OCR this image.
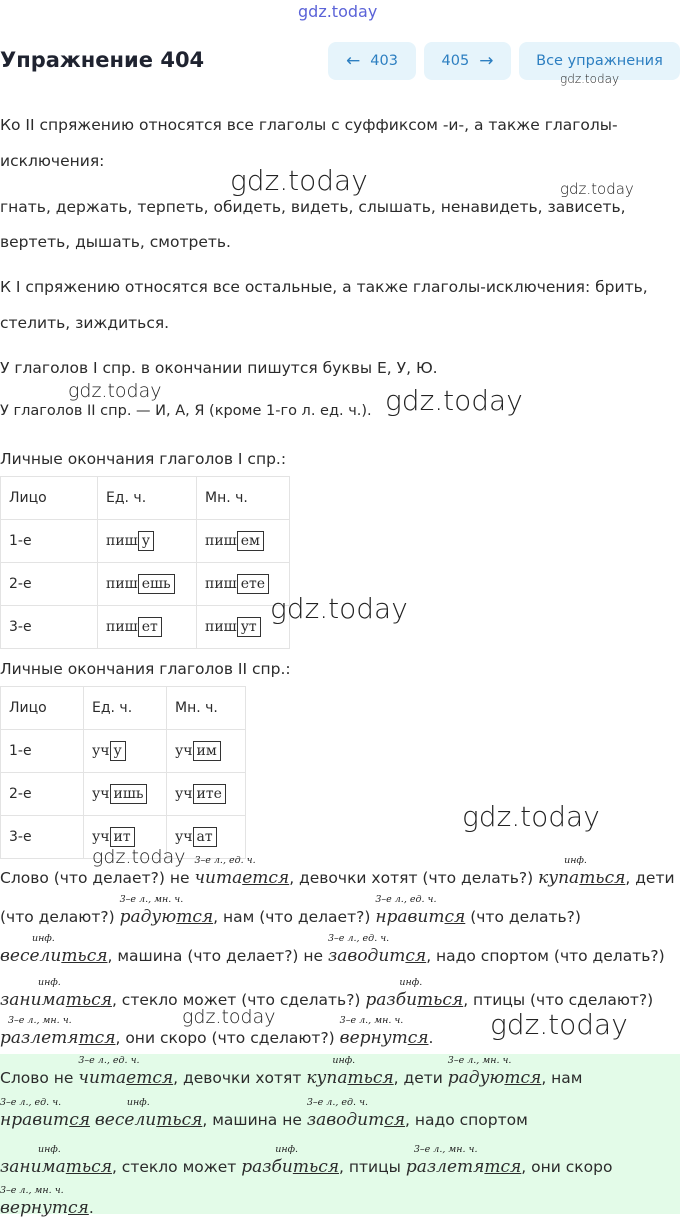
gdz.today
Упражнение 404	← 403	405 →	Все упражнения
Ко II спряжению относятся все глаголы с суффиксом -и-, а также глаголы-
исключения:
гнать, держать, терпеть, обидеть, видеть, слышать, ненавидеть, зависеть,
вертеть, дышать, смотреть.
К I спряжению относятся все остальные, а также глаголы-исключения: брить,
стелить, зиждиться.
У глаголов I спр. в окончании пишутся буквы Е, У, Ю.
У глаголов II спр. — И, А, Я (кроме 1-го л. ед. ч.).
Личные окончания глаголов I спр.:
Лицо	Ед. ч.	Мн. ч.
1-е	пиш у	пиш ем
2-е	пиш ешь	пиш ете
3-е	пиш ет	пиш ут
Личные окончания глаголов II спр.:
Лицо	Ед. ч.	Мн. ч.
1-е	уч у	уч им
2-е	уч ишь	уч ите
3-е	уч ит	уч ат
Слово (что делает?) не
3–е л., ед. ч.
читается, девочки хотят (что делать?)
инф.
купаться, дети
(что делают?)
3–е л., мн. ч.
радуются, нам (что делает?)
3–е л., ед. ч.
нравится (что делать?)
инф.
веселиться, машина (что делает?) не
3–е л., ед. ч.
заводится, надо спортом (что делать?)
инф.
заниматься, стекло может (что сделать?)
инф.
разбиться, птицы (что сделают?)
3–е л., мн. ч.
разлетятся, они скоро (что сделают?)
3–е л., мн. ч.
вернутся.
Слово не
3–е л., ед. ч.
читается, девочки хотят
инф.
купаться, дети
3–е л., мн. ч.
радуются, нам
3–е л., ед. ч.
нравится
инф.
веселиться, машина не
3–е л., ед. ч.
заводится, надо спортом
инф.
заниматься, стекло может
инф.
разбиться, птицы
3–е л., мн. ч.
разлетятся, они скоро
3–е л., мн. ч.
вернутся.
gdz.today
gdz.today	gdz.today
gdz.today	gdz.today
gdz.today
gdz.today
gdz.today
gdz.today	gdz.today
